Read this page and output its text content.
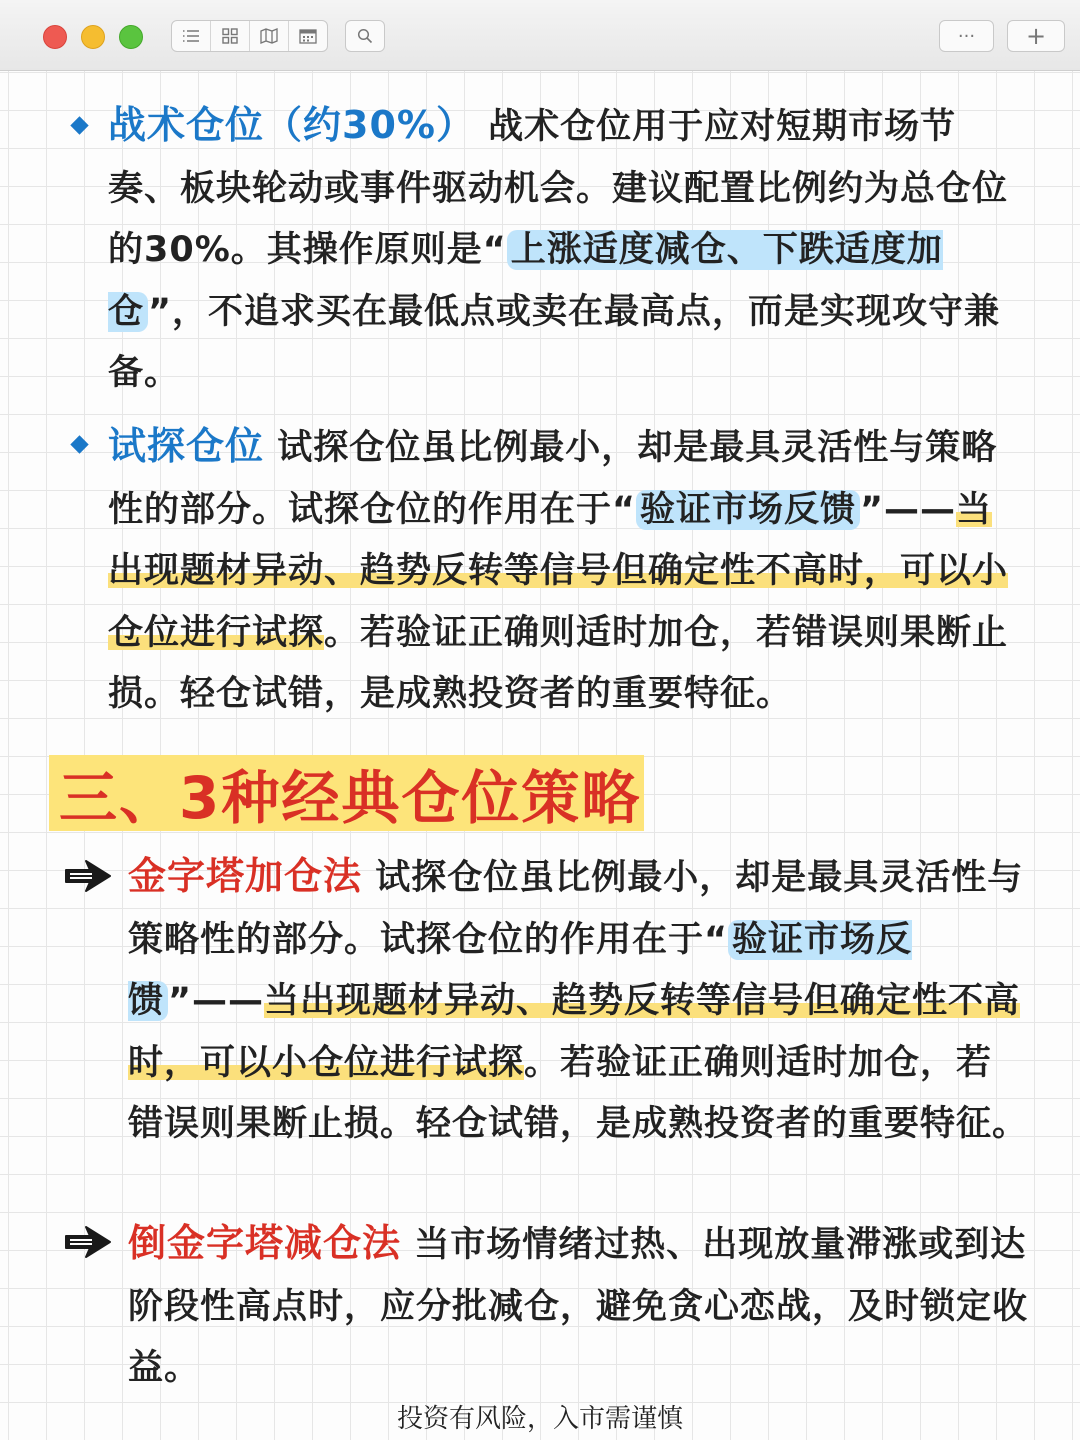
··· +
战术仓位（约30%） 战术仓位用于应对短期市场节奏、板块轮动或事件驱动机会。建议配置比例约为总仓位的30%。其操作原则是“ 上涨适度减仓、下跌适度加仓 ”，不追求买在最低点或卖在最高点，而是实现攻守兼备。
试探仓位 试探仓位虽比例最小，却是最具灵活性与策略性的部分。试探仓位的作用在于“ 验证市场反馈 ”——当出现题材异动、趋势反转等信号但确定性不高时，可以小仓位进行试探。若验证正确则适时加仓，若错误则果断止损。轻仓试错，是成熟投资者的重要特征。
三、3种经典仓位策略
金字塔加仓法 试探仓位虽比例最小，却是最具灵活性与策略性的部分。试探仓位的作用在于“ 验证市场反馈 ”——当出现题材异动、趋势反转等信号但确定性不高时，可以小仓位进行试探。若验证正确则适时加仓，若错误则果断止损。轻仓试错，是成熟投资者的重要特征。
倒金字塔减仓法 当市场情绪过热、出现放量滞涨或到达阶段性高点时，应分批减仓，避免贪心恋战，及时锁定收益。
投资有风险，入市需谨慎
